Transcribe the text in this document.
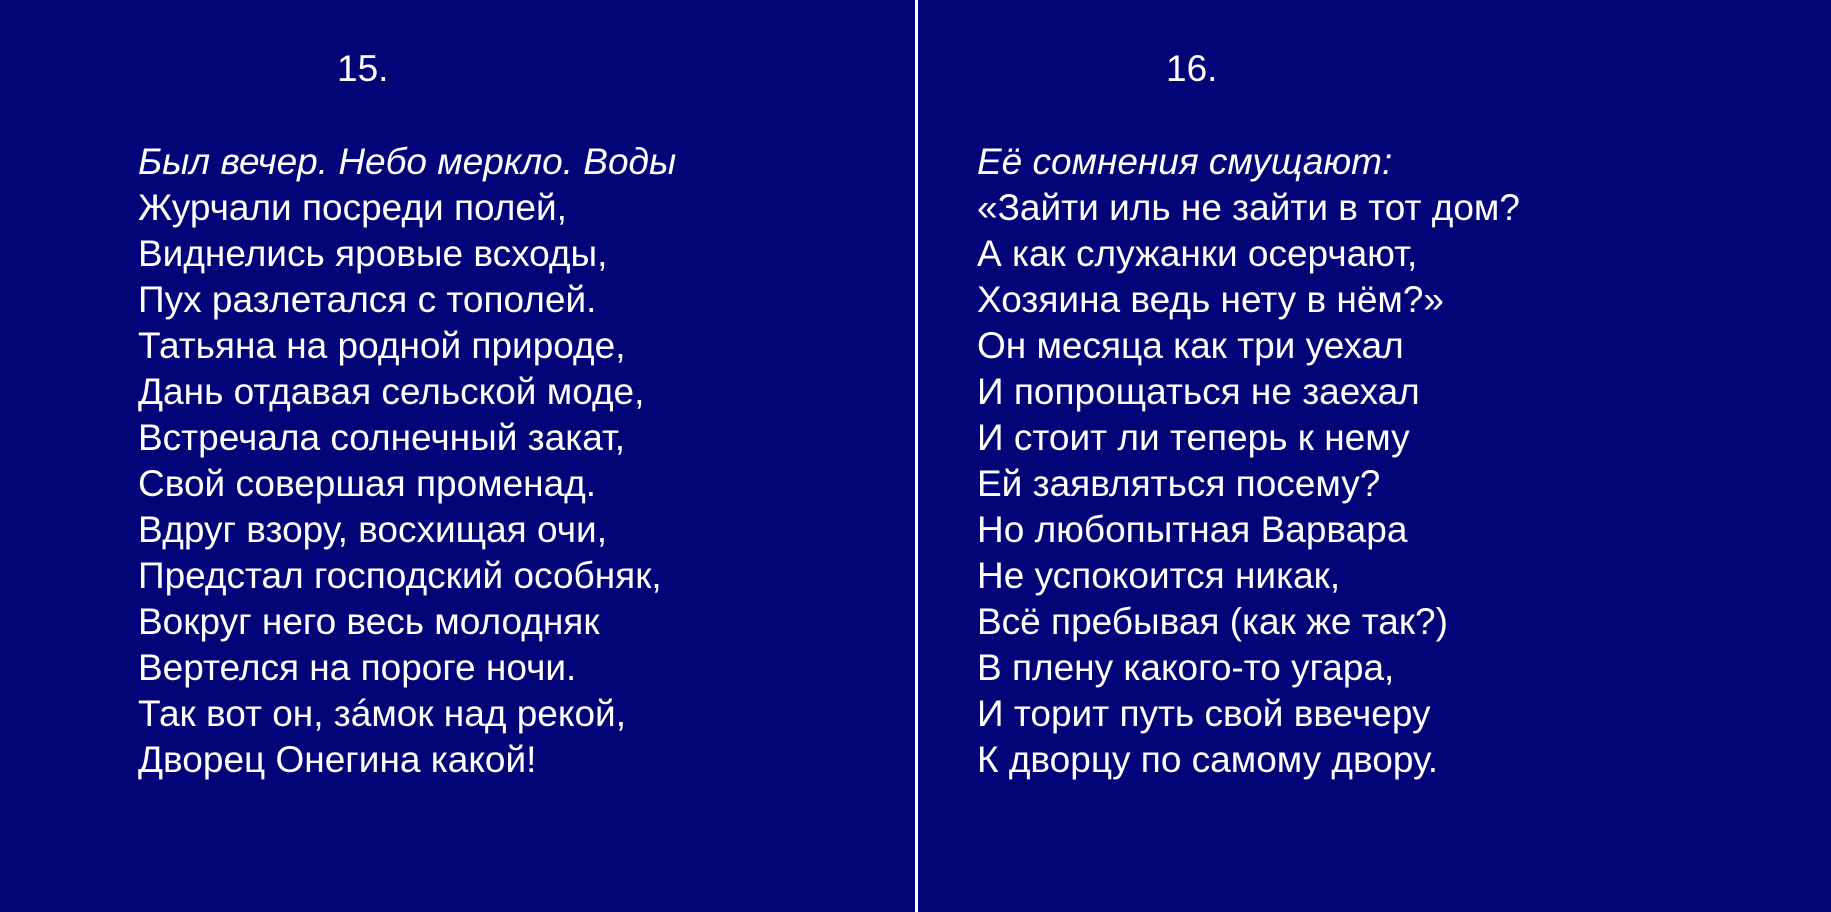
15.
Был вечер. Небо меркло. Воды
Журчали посреди полей,
Виднелись яровые всходы,
Пух разлетался с тополей.
Татьяна на родной природе,
Дань отдавая сельской моде,
Встречала солнечный закат,
Свой совершая променад.
Вдруг взору, восхищая очи,
Предстал господский особняк,
Вокруг него весь молодняк
Вертелся на пороге ночи.
Так вот он, зáмок над рекой,
Дворец Онегина какой!
16.
Её сомнения смущают:
«Зайти иль не зайти в тот дом?
А как служанки осерчают,
Хозяина ведь нету в нём?»
Он месяца как три уехал
И попрощаться не заехал
И стоит ли теперь к нему
Ей заявляться посему?
Но любопытная Варвара
Не успокоится никак,
Всё пребывая (как же так?)
В плену какого-то угара,
И торит путь свой ввечеру
К дворцу по самому двору.
